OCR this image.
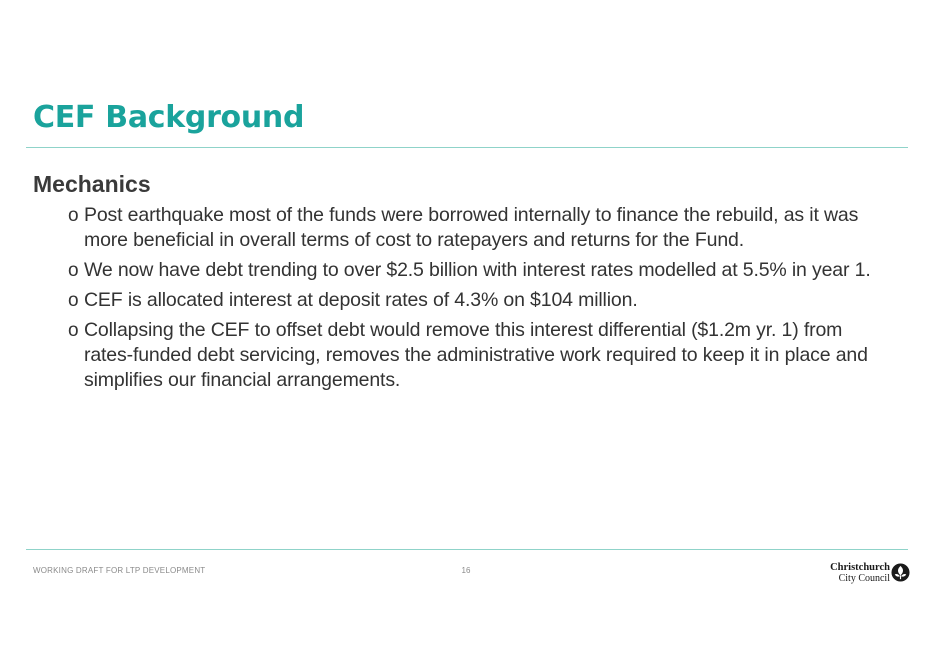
CEF Background
Mechanics
o Post earthquake most of the funds were borrowed internally to finance the rebuild, as it was more beneficial in overall terms of cost to ratepayers and returns for the Fund.
o We now have debt trending to over $2.5 billion with interest rates modelled at 5.5% in year 1.
o CEF is allocated interest at deposit rates of 4.3% on $104 million.
o Collapsing the CEF to offset debt would remove this interest differential ($1.2m yr. 1) from rates-funded debt servicing, removes the administrative work required to keep it in place and simplifies our financial arrangements.
WORKING DRAFT FOR LTP DEVELOPMENT	16	Christchurch
City Council
